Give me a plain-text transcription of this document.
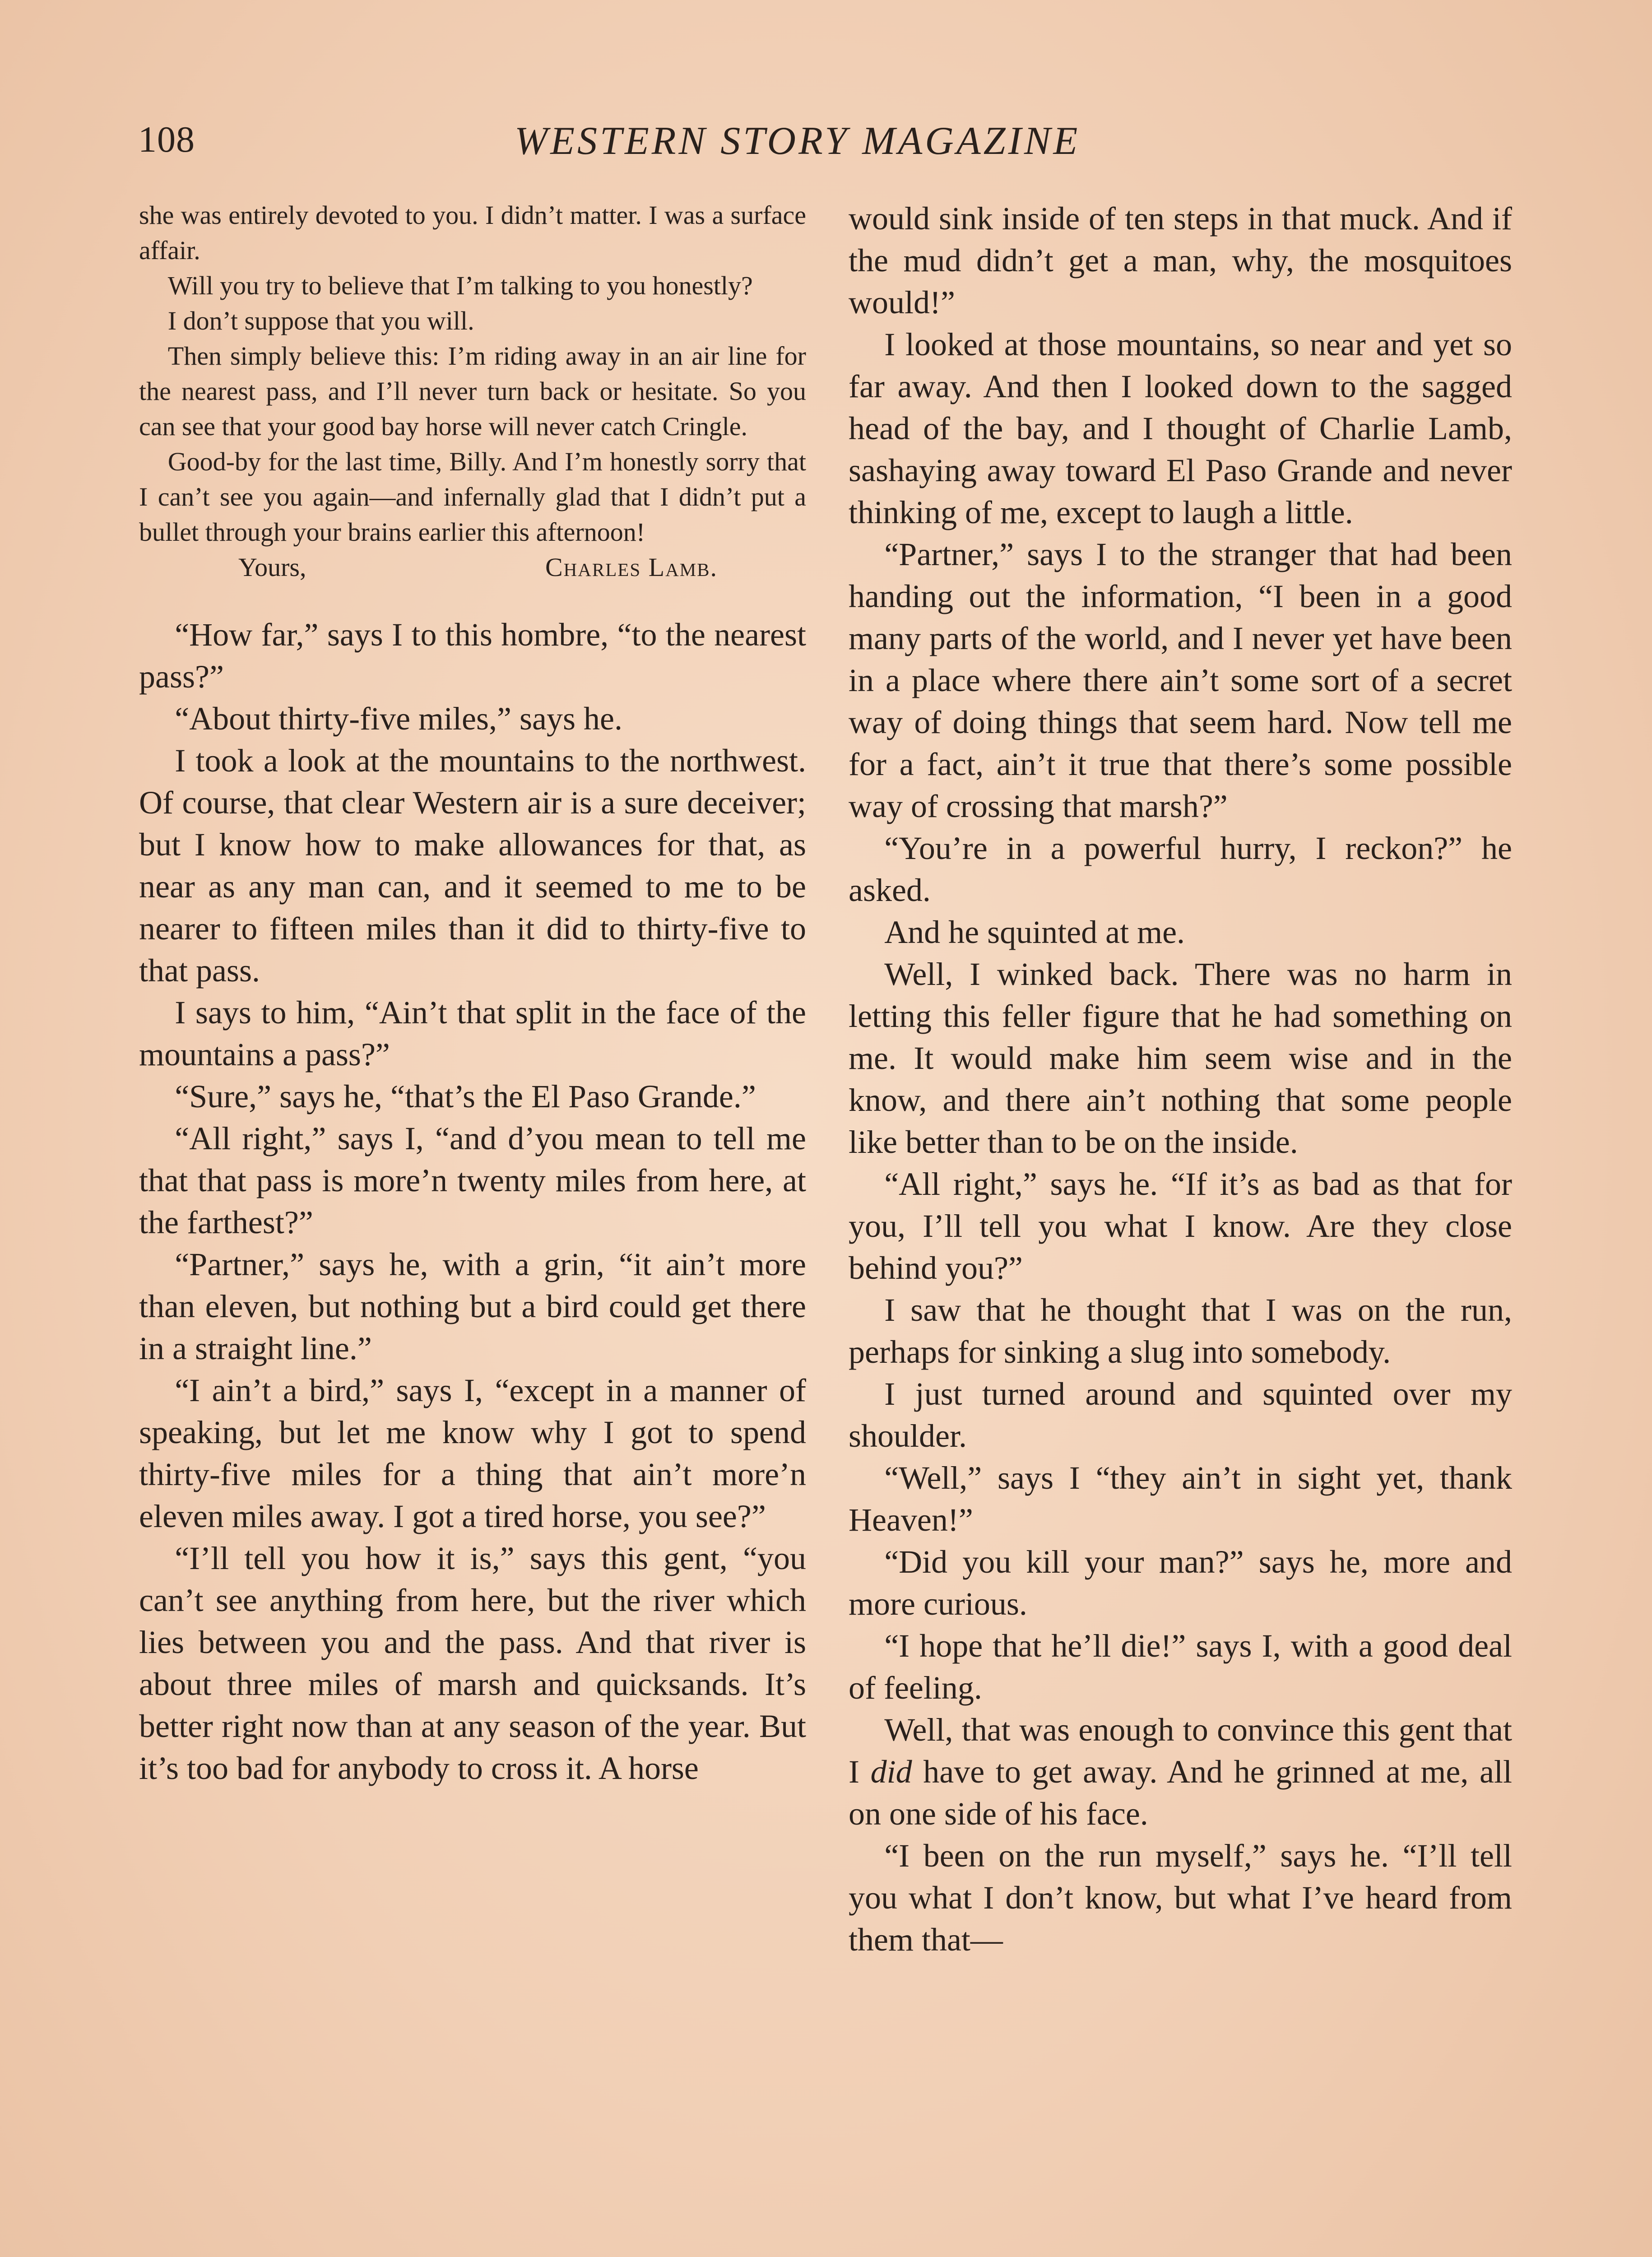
108	WESTERN STORY MAGAZINE

she was entirely devoted to you. I didn’t matter. I was a surface affair.

Will you try to believe that I’m talking to you honestly?

I don’t suppose that you will.

Then simply believe this: I’m riding away in an air line for the nearest pass, and I’ll never turn back or hesitate. So you can see that your good bay horse will never catch Cringle.

Good-by for the last time, Billy. And I’m honestly sorry that I can’t see you again—and infernally glad that I didn’t put a bullet through your brains earlier this afternoon!

Yours,	Charles Lamb.

“How far,” says I to this hombre, “to the nearest pass?”

“About thirty-five miles,” says he.

I took a look at the mountains to the northwest. Of course, that clear Western air is a sure deceiver; but I know how to make allowances for that, as near as any man can, and it seemed to me to be nearer to fifteen miles than it did to thirty-five to that pass.

I says to him, “Ain’t that split in the face of the mountains a pass?”

“Sure,” says he, “that’s the El Paso Grande.”

“All right,” says I, “and d’you mean to tell me that that pass is more’n twenty miles from here, at the farthest?”

“Partner,” says he, with a grin, “it ain’t more than eleven, but nothing but a bird could get there in a straight line.”

“I ain’t a bird,” says I, “except in a manner of speaking, but let me know why I got to spend thirty-five miles for a thing that ain’t more’n eleven miles away. I got a tired horse, you see?”

“I’ll tell you how it is,” says this gent, “you can’t see anything from here, but the river which lies between you and the pass. And that river is about three miles of marsh and quicksands. It’s better right now than at any season of the year. But it’s too bad for anybody to cross it. A horse

would sink inside of ten steps in that muck. And if the mud didn’t get a man, why, the mosquitoes would!”

I looked at those mountains, so near and yet so far away. And then I looked down to the sagged head of the bay, and I thought of Charlie Lamb, sashaying away toward El Paso Grande and never thinking of me, except to laugh a little.

“Partner,” says I to the stranger that had been handing out the information, “I been in a good many parts of the world, and I never yet have been in a place where there ain’t some sort of a secret way of doing things that seem hard. Now tell me for a fact, ain’t it true that there’s some possible way of crossing that marsh?”

“You’re in a powerful hurry, I reckon?” he asked.

And he squinted at me.

Well, I winked back. There was no harm in letting this feller figure that he had something on me. It would make him seem wise and in the know, and there ain’t nothing that some people like better than to be on the inside.

“All right,” says he. “If it’s as bad as that for you, I’ll tell you what I know. Are they close behind you?”

I saw that he thought that I was on the run, perhaps for sinking a slug into somebody.

I just turned around and squinted over my shoulder.

“Well,” says I “they ain’t in sight yet, thank Heaven!”

“Did you kill your man?” says he, more and more curious.

“I hope that he’ll die!” says I, with a good deal of feeling.

Well, that was enough to convince this gent that I did have to get away. And he grinned at me, all on one side of his face.

“I been on the run myself,” says he. “I’ll tell you what I don’t know, but what I’ve heard from them that—
